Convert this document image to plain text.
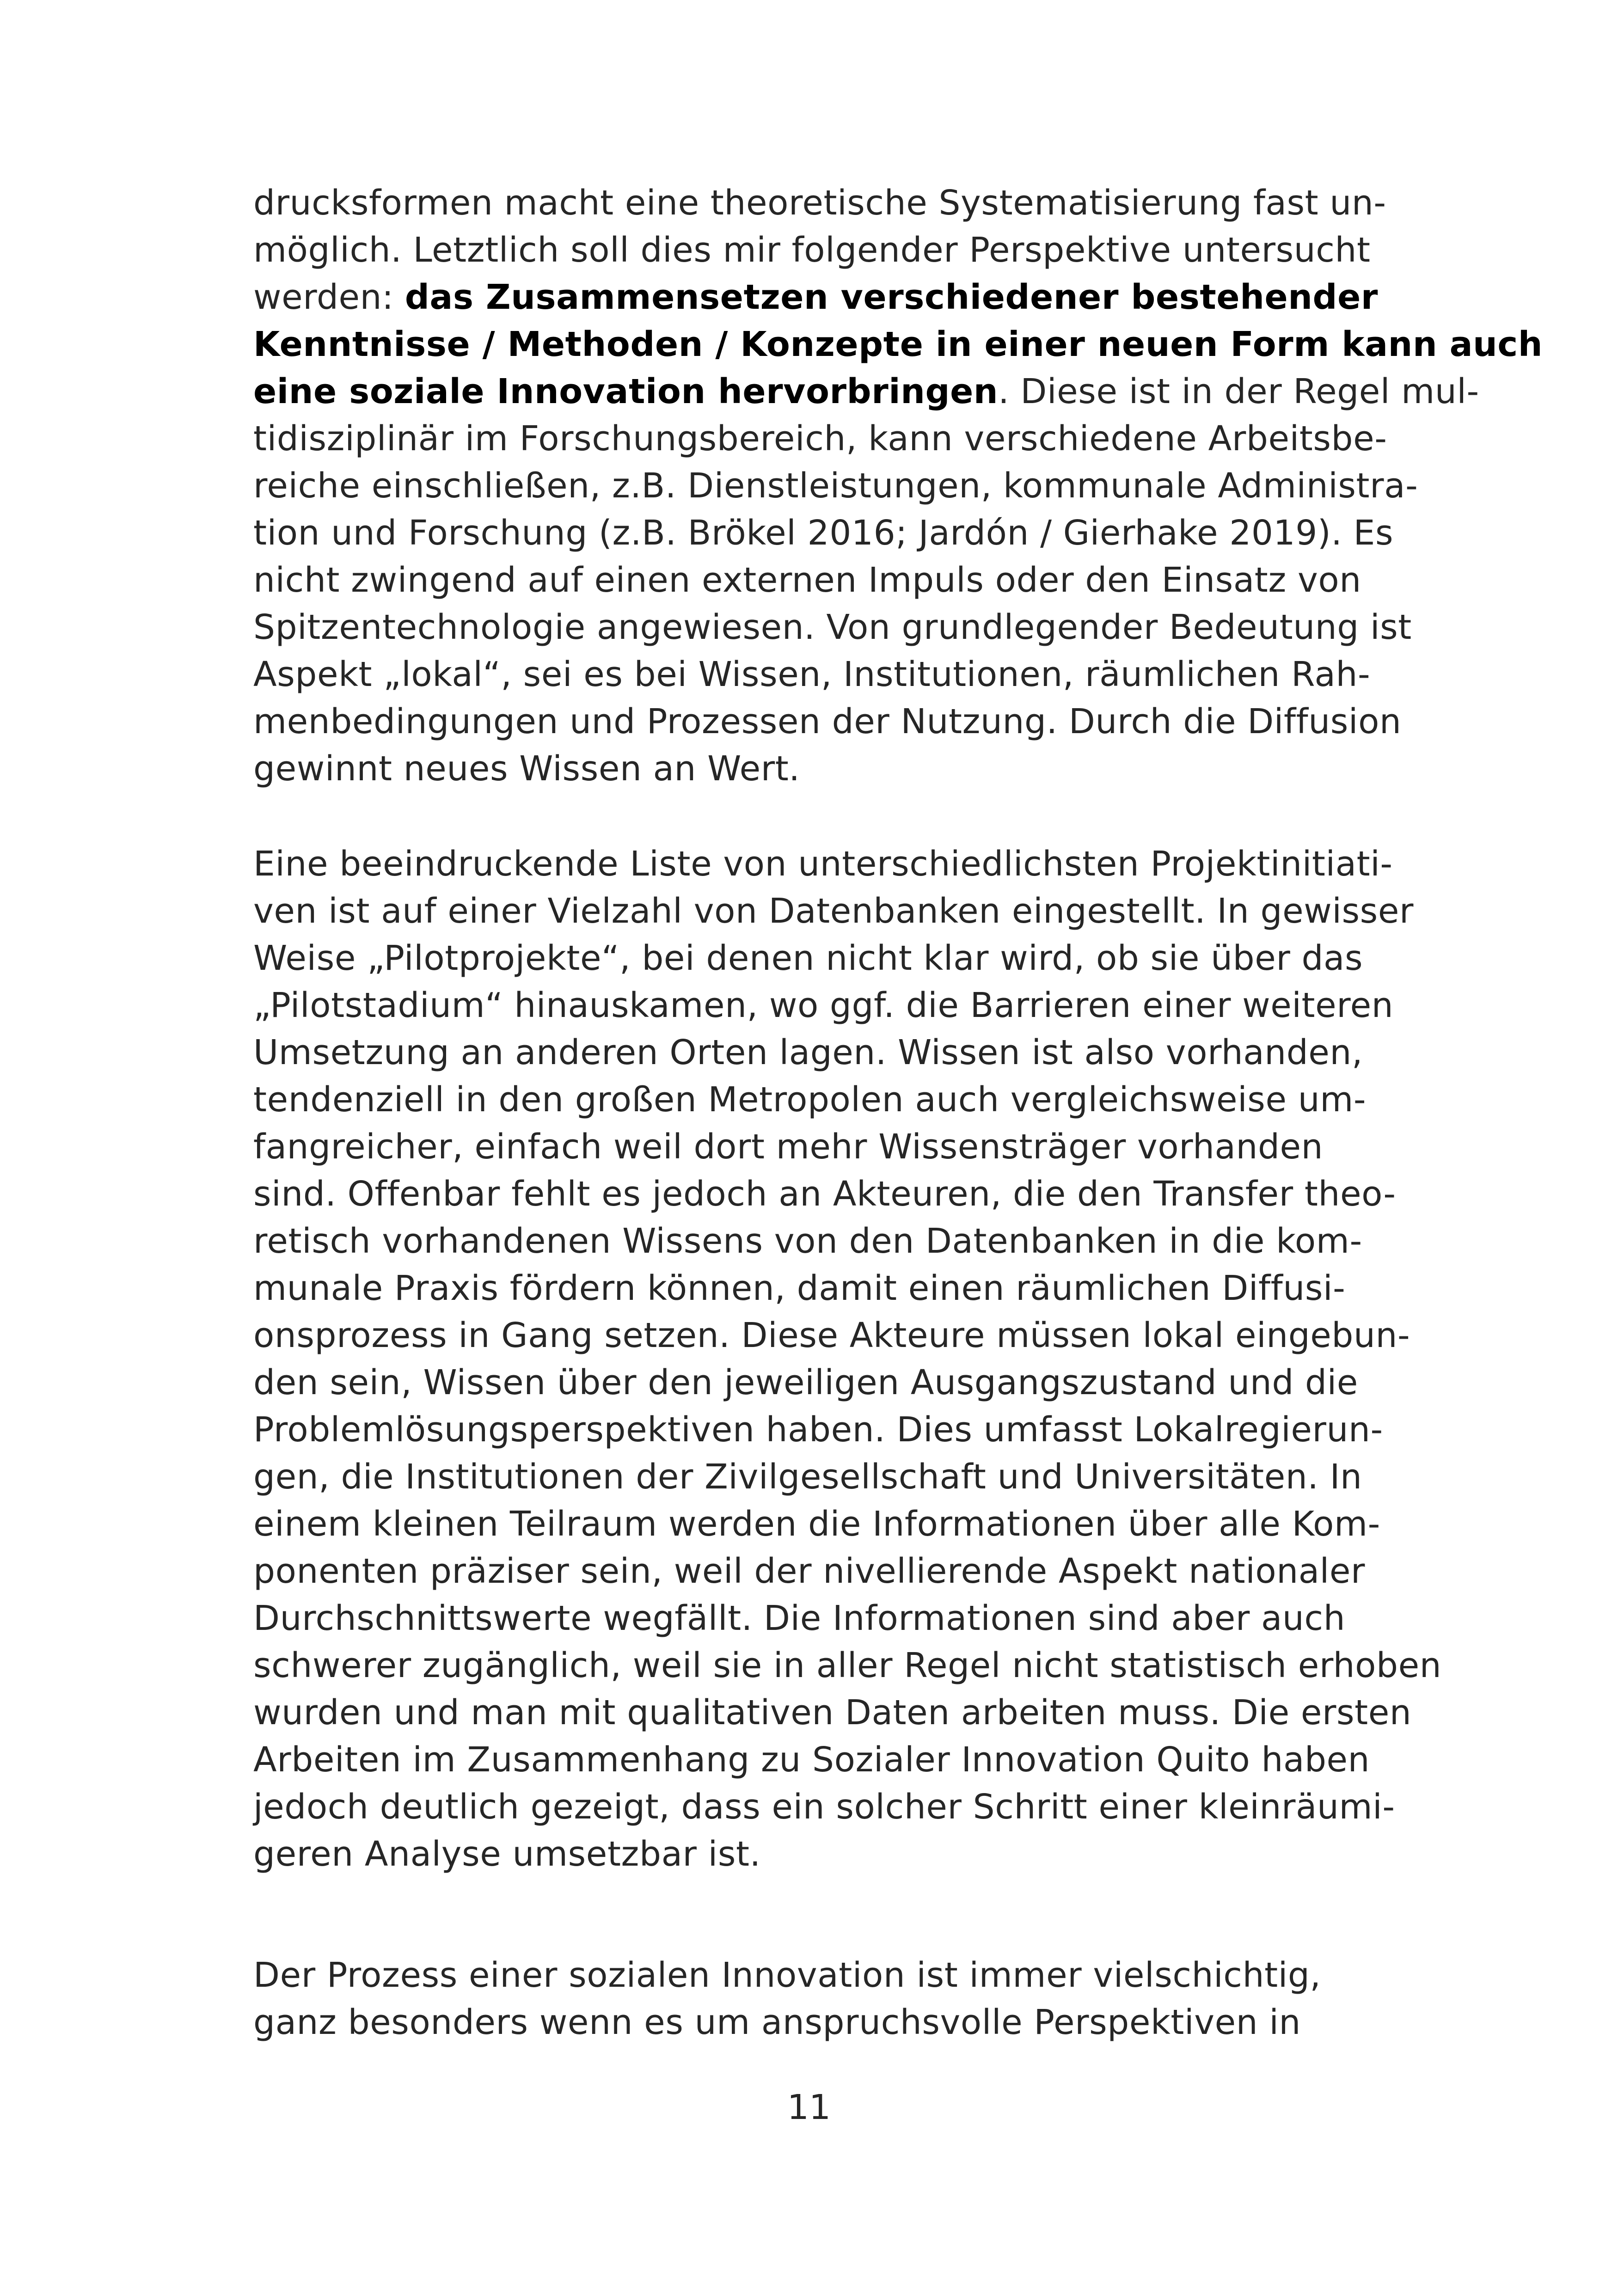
drucksformen macht eine theoretische Systematisierung fast un-
möglich. Letztlich soll dies mir folgender Perspektive untersucht
werden: das Zusammensetzen verschiedener bestehender
Kenntnisse / Methoden / Konzepte in einer neuen Form kann auch
eine soziale Innovation hervorbringen. Diese ist in der Regel mul-
tidisziplinär im Forschungsbereich, kann verschiedene Arbeitsbe-
reiche einschließen, z.B. Dienstleistungen, kommunale Administra-
tion und Forschung (z.B. Brökel 2016; Jardón / Gierhake 2019). Es
nicht zwingend auf einen externen Impuls oder den Einsatz von
Spitzentechnologie angewiesen. Von grundlegender Bedeutung ist
Aspekt „lokal“, sei es bei Wissen, Institutionen, räumlichen Rah-
menbedingungen und Prozessen der Nutzung. Durch die Diffusion
gewinnt neues Wissen an Wert.
Eine beeindruckende Liste von unterschiedlichsten Projektinitiati-
ven ist auf einer Vielzahl von Datenbanken eingestellt. In gewisser
Weise „Pilotprojekte“, bei denen nicht klar wird, ob sie über das
„Pilotstadium“ hinauskamen, wo ggf. die Barrieren einer weiteren
Umsetzung an anderen Orten lagen. Wissen ist also vorhanden,
tendenziell in den großen Metropolen auch vergleichsweise um-
fangreicher, einfach weil dort mehr Wissensträger vorhanden
sind. Offenbar fehlt es jedoch an Akteuren, die den Transfer theo-
retisch vorhandenen Wissens von den Datenbanken in die kom-
munale Praxis fördern können, damit einen räumlichen Diffusi-
onsprozess in Gang setzen. Diese Akteure müssen lokal eingebun-
den sein, Wissen über den jeweiligen Ausgangszustand und die
Problemlösungsperspektiven haben. Dies umfasst Lokalregierun-
gen, die Institutionen der Zivilgesellschaft und Universitäten. In
einem kleinen Teilraum werden die Informationen über alle Kom-
ponenten präziser sein, weil der nivellierende Aspekt nationaler
Durchschnittswerte wegfällt. Die Informationen sind aber auch
schwerer zugänglich, weil sie in aller Regel nicht statistisch erhoben
wurden und man mit qualitativen Daten arbeiten muss. Die ersten
Arbeiten im Zusammenhang zu Sozialer Innovation Quito haben
jedoch deutlich gezeigt, dass ein solcher Schritt einer kleinräumi-
geren Analyse umsetzbar ist.
Der Prozess einer sozialen Innovation ist immer vielschichtig,
ganz besonders wenn es um anspruchsvolle Perspektiven in
11
